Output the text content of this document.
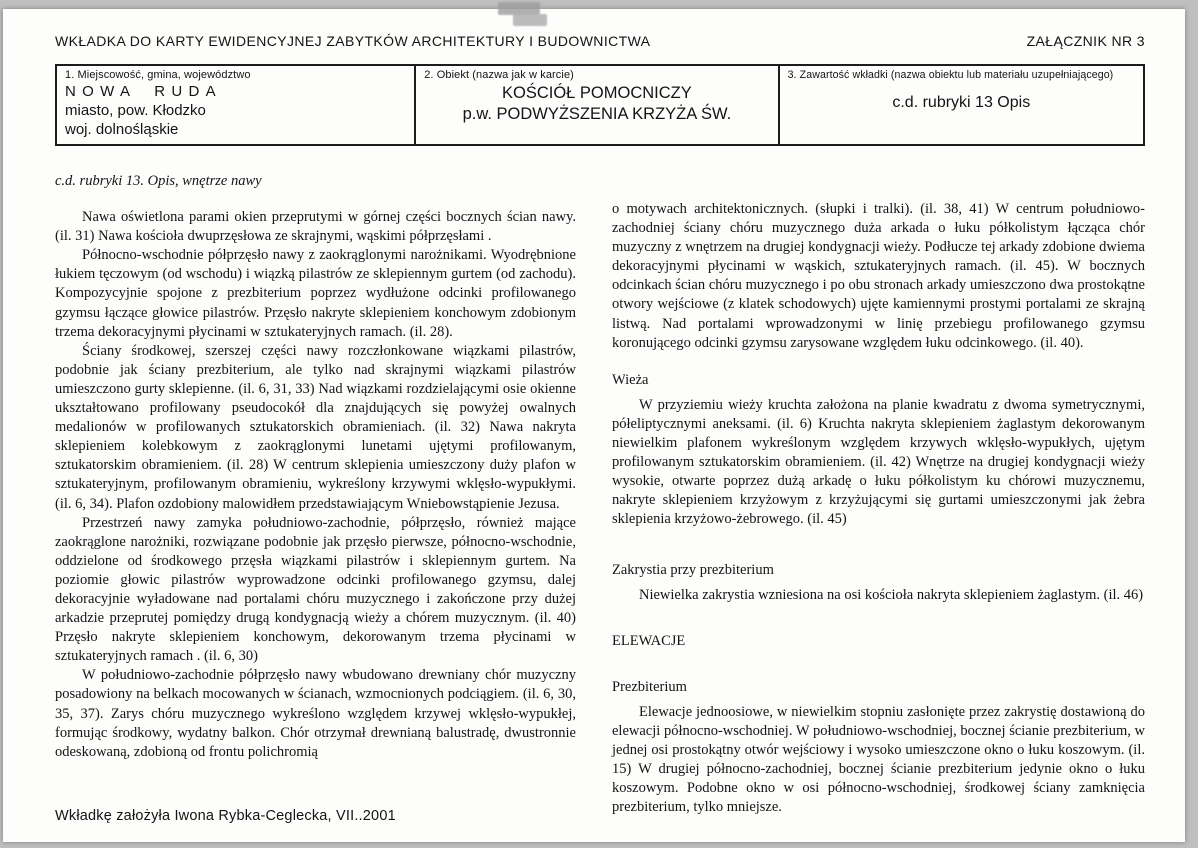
WKŁADKA DO KARTY EWIDENCYJNEJ ZABYTKÓW ARCHITEKTURY I BUDOWNICTWA	ZAŁĄCZNIK NR 3
1. Miejscowość, gmina, województwo
NOWA RUDA
miasto, pow. Kłodzko
woj. dolnośląskie

2. Obiekt (nazwa jak w karcie)
KOŚCIÓŁ POMOCNICZY
p.w. PODWYŻSZENIA KRZYŻA ŚW.

3. Zawartość wkładki (nazwa obiektu lub materiału uzupełniającego)
c.d. rubryki 13 Opis

c.d. rubryki 13. Opis, wnętrze nawy

Nawa oświetlona parami okien przeprutymi w górnej części bocznych ścian nawy. (il. 31) Nawa kościoła dwuprzęsłowa ze skrajnymi, wąskimi półprzęsłami .

Północno-wschodnie półprzęsło nawy z zaokrąglonymi narożnikami. Wyodrębnione łukiem tęczowym (od wschodu) i wiązką pilastrów ze sklepiennym gurtem (od zachodu). Kompozycyjnie spojone z prezbiterium poprzez wydłużone odcinki profilowanego gzymsu łączące głowice pilastrów. Przęsło nakryte sklepieniem konchowym zdobionym trzema dekoracyjnymi płycinami w sztukateryjnych ramach. (il. 28).

Ściany środkowej, szerszej części nawy rozczłonkowane wiązkami pilastrów, podobnie jak ściany prezbiterium, ale tylko nad skrajnymi wiązkami pilastrów umieszczono gurty sklepienne. (il. 6, 31, 33) Nad wiązkami rozdzielającymi osie okienne ukształtowano profilowany pseudocokół dla znajdujących się powyżej owalnych medalionów w profilowanych sztukatorskich obramieniach. (il. 32) Nawa nakryta sklepieniem kolebkowym z zaokrąglonymi lunetami ujętymi profilowanym, sztukatorskim obramieniem. (il. 28) W centrum sklepienia umieszczony duży plafon w sztukateryjnym, profilowanym obramieniu, wykreślony krzywymi wklęsło-wypukłymi. (il. 6, 34). Plafon ozdobiony malowidłem przedstawiającym Wniebowstąpienie Jezusa.

Przestrzeń nawy zamyka południowo-zachodnie, półprzęsło, również mające zaokrąglone narożniki, rozwiązane podobnie jak przęsło pierwsze, północno-wschodnie, oddzielone od środkowego przęsła wiązkami pilastrów i sklepiennym gurtem. Na poziomie głowic pilastrów wyprowadzone odcinki profilowanego gzymsu, dalej dekoracyjnie wyładowane nad portalami chóru muzycznego i zakończone przy dużej arkadzie przeprutej pomiędzy drugą kondygnacją wieży a chórem muzycznym. (il. 40) Przęsło nakryte sklepieniem konchowym, dekorowanym trzema płycinami w sztukateryjnych ramach . (il. 6, 30)

W południowo-zachodnie półprzęsło nawy wbudowano drewniany chór muzyczny posadowiony na belkach mocowanych w ścianach, wzmocnionych podciągiem. (il. 6, 30, 35, 37). Zarys chóru muzycznego wykreślono względem krzywej wklęsło-wypukłej, formując środkowy, wydatny balkon. Chór otrzymał drewnianą balustradę, dwustronnie odeskowaną, zdobioną od frontu polichromią

o motywach architektonicznych. (słupki i tralki). (il. 38, 41) W centrum południowo-zachodniej ściany chóru muzycznego duża arkada o łuku półkolistym łącząca chór muzyczny z wnętrzem na drugiej kondygnacji wieży. Podłucze tej arkady zdobione dwiema dekoracyjnymi płycinami w wąskich, sztukateryjnych ramach. (il. 45). W bocznych odcinkach ścian chóru muzycznego i po obu stronach arkady umieszczono dwa prostokątne otwory wejściowe (z klatek schodowych) ujęte kamiennymi prostymi portalami ze skrajną listwą. Nad portalami wprowadzonymi w linię przebiegu profilowanego gzymsu koronującego odcinki gzymsu zarysowane względem łuku odcinkowego. (il. 40).

Wieża

W przyziemiu wieży kruchta założona na planie kwadratu z dwoma symetrycznymi, półeliptycznymi aneksami. (il. 6) Kruchta nakryta sklepieniem żaglastym dekorowanym niewielkim plafonem wykreślonym względem krzywych wklęsło-wypukłych, ujętym profilowanym sztukatorskim obramieniem. (il. 42) Wnętrze na drugiej kondygnacji wieży wysokie, otwarte poprzez dużą arkadę o łuku półkolistym ku chórowi muzycznemu, nakryte sklepieniem krzyżowym z krzyżującymi się gurtami umieszczonymi jak żebra sklepienia krzyżowo-żebrowego. (il. 45)

Zakrystia przy prezbiterium

Niewielka zakrystia wzniesiona na osi kościoła nakryta sklepieniem żaglastym. (il. 46)

ELEWACJE

Prezbiterium

Elewacje jednoosiowe, w niewielkim stopniu zasłonięte przez zakrystię dostawioną do elewacji północno-wschodniej. W południowo-wschodniej, bocznej ścianie prezbiterium, w jednej osi prostokątny otwór wejściowy i wysoko umieszczone okno o łuku koszowym. (il. 15) W drugiej północno-zachodniej, bocznej ścianie prezbiterium jedynie okno o łuku koszowym. Podobne okno w osi północno-wschodniej, środkowej ściany zamknięcia prezbiterium, tylko mniejsze.

Wkładkę założyła Iwona Rybka-Ceglecka, VII..2001
